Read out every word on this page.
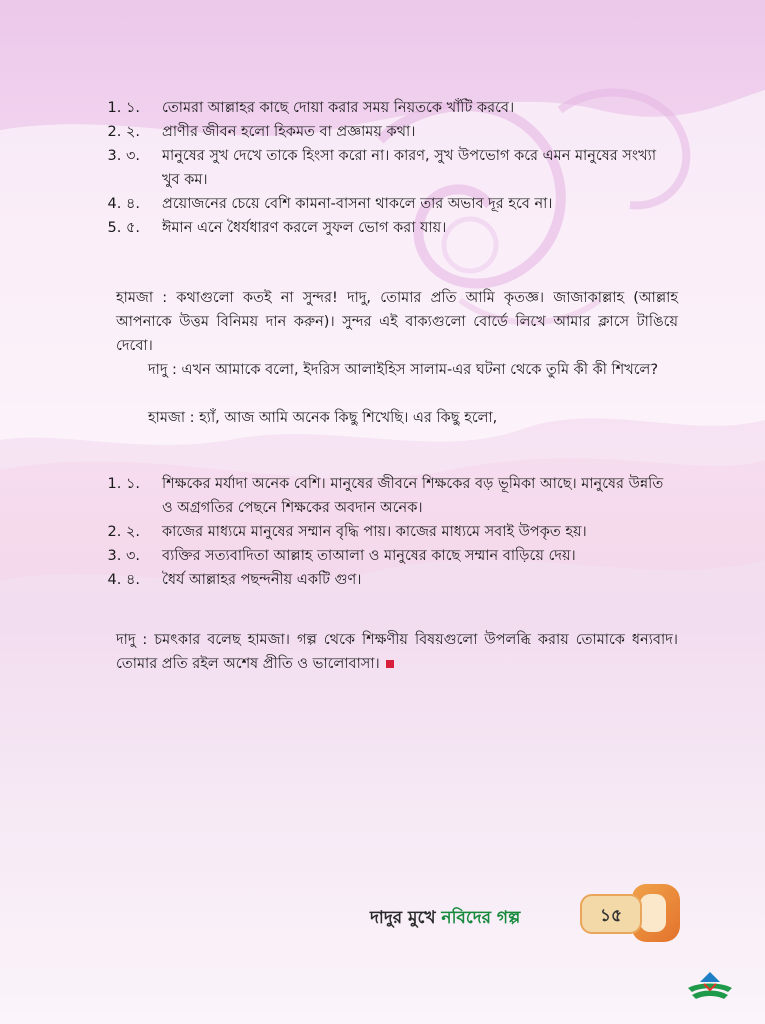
1. ১. তোমরা আল্লাহর কাছে দোয়া করার সময় নিয়তকে খাঁটি করবে।
2. ২. প্রাণীর জীবন হলো হিকমত বা প্রজ্ঞাময় কথা।
3. ৩. মানুষের সুখ দেখে তাকে হিংসা করো না। কারণ, সুখ উপভোগ করে এমন মানুষের সংখ্যা খুব কম।
4. ৪. প্রয়োজনের চেয়ে বেশি কামনা-বাসনা থাকলে তার অভাব দূর হবে না।
5. ৫. ঈমান এনে ধৈর্যধারণ করলে সুফল ভোগ করা যায়।

হামজা : কথাগুলো কতই না সুন্দর! দাদু, তোমার প্রতি আমি কৃতজ্ঞ। জাজাকাল্লাহ (আল্লাহ আপনাকে উত্তম বিনিময় দান করুন)। সুন্দর এই বাক্যগুলো বোর্ডে লিখে আমার ক্লাসে টাঙিয়ে দেবো।

দাদু : এখন আমাকে বলো, ইদরিস আলাইহিস সালাম-এর ঘটনা থেকে তুমি কী কী শিখলে?

হামজা : হ্যাঁ, আজ আমি অনেক কিছু শিখেছি। এর কিছু হলো,

1. ১. শিক্ষকের মর্যাদা অনেক বেশি। মানুষের জীবনে শিক্ষকের বড় ভূমিকা আছে। মানুষের উন্নতি ও অগ্রগতির পেছনে শিক্ষকের অবদান অনেক।
2. ২. কাজের মাধ্যমে মানুষের সম্মান বৃদ্ধি পায়। কাজের মাধ্যমে সবাই উপকৃত হয়।
3. ৩. ব্যক্তির সত্যবাদিতা আল্লাহ তাআলা ও মানুষের কাছে সম্মান বাড়িয়ে দেয়।
4. ৪. ধৈর্য আল্লাহর পছন্দনীয় একটি গুণ।

দাদু : চমৎকার বলেছ হামজা। গল্প থেকে শিক্ষণীয় বিষয়গুলো উপলব্ধি করায় তোমাকে ধন্যবাদ। তোমার প্রতি রইল অশেষ প্রীতি ও ভালোবাসা।

দাদুর মুখে নবিদের গল্প	১৫
